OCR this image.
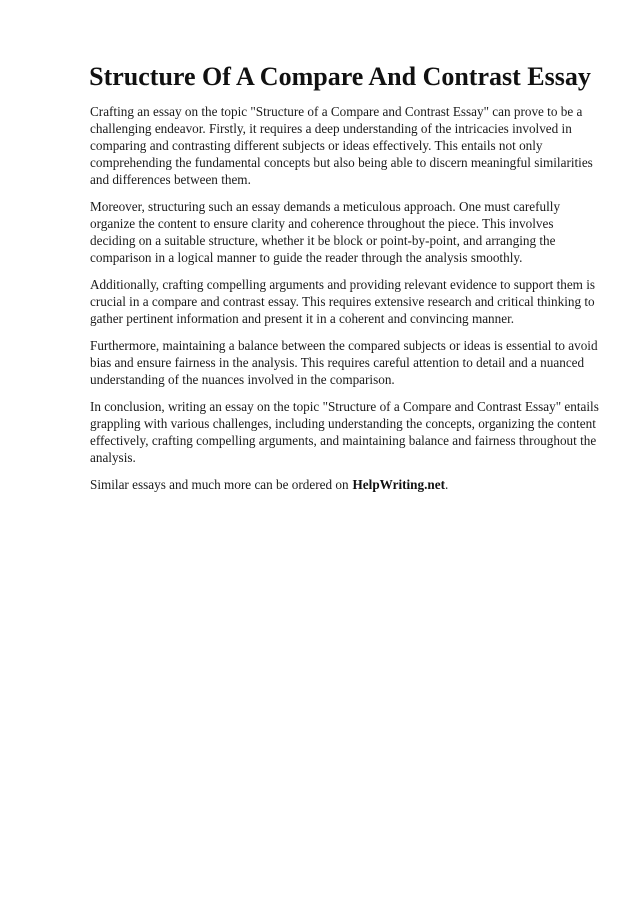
Structure Of A Compare And Contrast Essay

Crafting an essay on the topic "Structure of a Compare and Contrast Essay" can prove to be a challenging endeavor. Firstly, it requires a deep understanding of the intricacies involved in comparing and contrasting different subjects or ideas effectively. This entails not only comprehending the fundamental concepts but also being able to discern meaningful similarities and differences between them.

Moreover, structuring such an essay demands a meticulous approach. One must carefully organize the content to ensure clarity and coherence throughout the piece. This involves deciding on a suitable structure, whether it be block or point-by-point, and arranging the comparison in a logical manner to guide the reader through the analysis smoothly.

Additionally, crafting compelling arguments and providing relevant evidence to support them is crucial in a compare and contrast essay. This requires extensive research and critical thinking to gather pertinent information and present it in a coherent and convincing manner.

Furthermore, maintaining a balance between the compared subjects or ideas is essential to avoid bias and ensure fairness in the analysis. This requires careful attention to detail and a nuanced understanding of the nuances involved in the comparison.

In conclusion, writing an essay on the topic "Structure of a Compare and Contrast Essay" entails grappling with various challenges, including understanding the concepts, organizing the content effectively, crafting compelling arguments, and maintaining balance and fairness throughout the analysis.

Similar essays and much more can be ordered on HelpWriting.net.
